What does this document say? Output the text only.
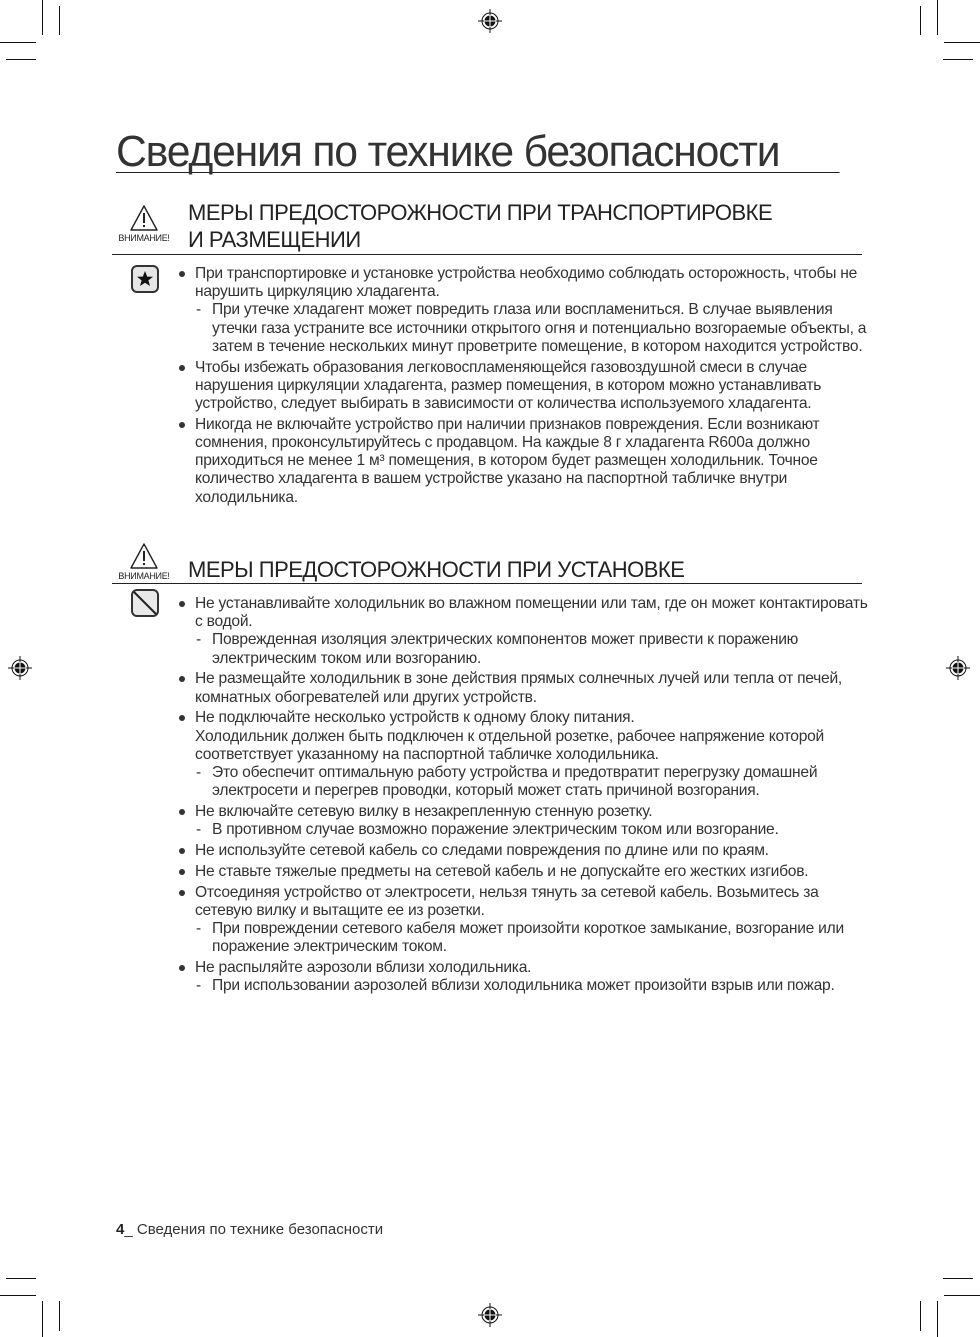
Сведения по технике безопасности
ВНИМАНИЕ!
МЕРЫ ПРЕДОСТОРОЖНОСТИ ПРИ ТРАНСПОРТИРОВКЕ
И РАЗМЕЩЕНИИ
При транспортировке и установке устройства необходимо соблюдать осторожность, чтобы не нарушить циркуляцию хладагента.
- При утечке хладагент может повредить глаза или воспламениться. В случае выявления утечки газа устраните все источники открытого огня и потенциально возгораемые объекты, а затем в течение нескольких минут проветрите помещение, в котором находится устройство.
Чтобы избежать образования легковоспламеняющейся газовоздушной смеси в случае нарушения циркуляции хладагента, размер помещения, в котором можно устанавливать устройство, следует выбирать в зависимости от количества используемого хладагента.
Никогда не включайте устройство при наличии признаков повреждения. Если возникают сомнения, проконсультируйтесь с продавцом. На каждые 8 г хладагента R600a должно приходиться не менее 1 м³ помещения, в котором будет размещен холодильник. Точное количество хладагента в вашем устройстве указано на паспортной табличке внутри холодильника.
ВНИМАНИЕ! МЕРЫ ПРЕДОСТОРОЖНОСТИ ПРИ УСТАНОВКЕ
Не устанавливайте холодильник во влажном помещении или там, где он может контактировать с водой.
- Поврежденная изоляция электрических компонентов может привести к поражению электрическим током или возгоранию.
Не размещайте холодильник в зоне действия прямых солнечных лучей или тепла от печей, комнатных обогревателей или других устройств.
Не подключайте несколько устройств к одному блоку питания.
Холодильник должен быть подключен к отдельной розетке, рабочее напряжение которой соответствует указанному на паспортной табличке холодильника.
- Это обеспечит оптимальную работу устройства и предотвратит перегрузку домашней электросети и перегрев проводки, который может стать причиной возгорания.
Не включайте сетевую вилку в незакрепленную стенную розетку.
- В противном случае возможно поражение электрическим током или возгорание.
Не используйте сетевой кабель со следами повреждения по длине или по краям.
Не ставьте тяжелые предметы на сетевой кабель и не допускайте его жестких изгибов.
Отсоединяя устройство от электросети, нельзя тянуть за сетевой кабель. Возьмитесь за сетевую вилку и вытащите ее из розетки.
- При повреждении сетевого кабеля может произойти короткое замыкание, возгорание или поражение электрическим током.
Не распыляйте аэрозоли вблизи холодильника.
- При использовании аэрозолей вблизи холодильника может произойти взрыв или пожар.
4_ Сведения по технике безопасности
